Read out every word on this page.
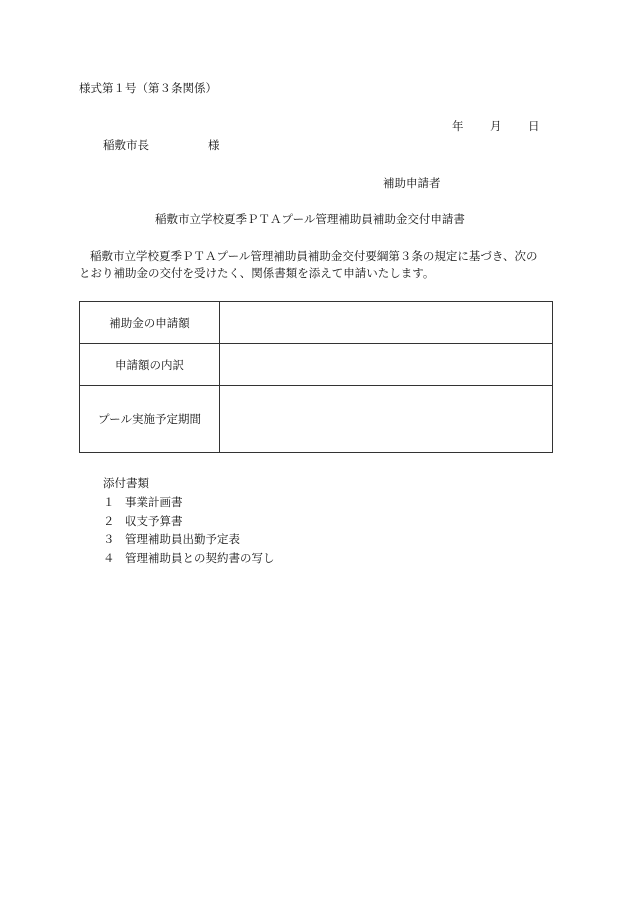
様式第１号（第３条関係）
年 月 日
稲敷市長	様
補助申請者
稲敷市立学校夏季ＰＴＡプール管理補助員補助金交付申請書

稲敷市立学校夏季ＰＴＡプール管理補助員補助金交付要綱第３条の規定に基づき、次の

とおり補助金の交付を受けたく、関係書類を添えて申請いたします。

補助金の申請額	
申請額の内訳	
プール実施予定期間	
添付書類
１ 事業計画書
２ 収支予算書
３ 管理補助員出勤予定表
４ 管理補助員との契約書の写し
